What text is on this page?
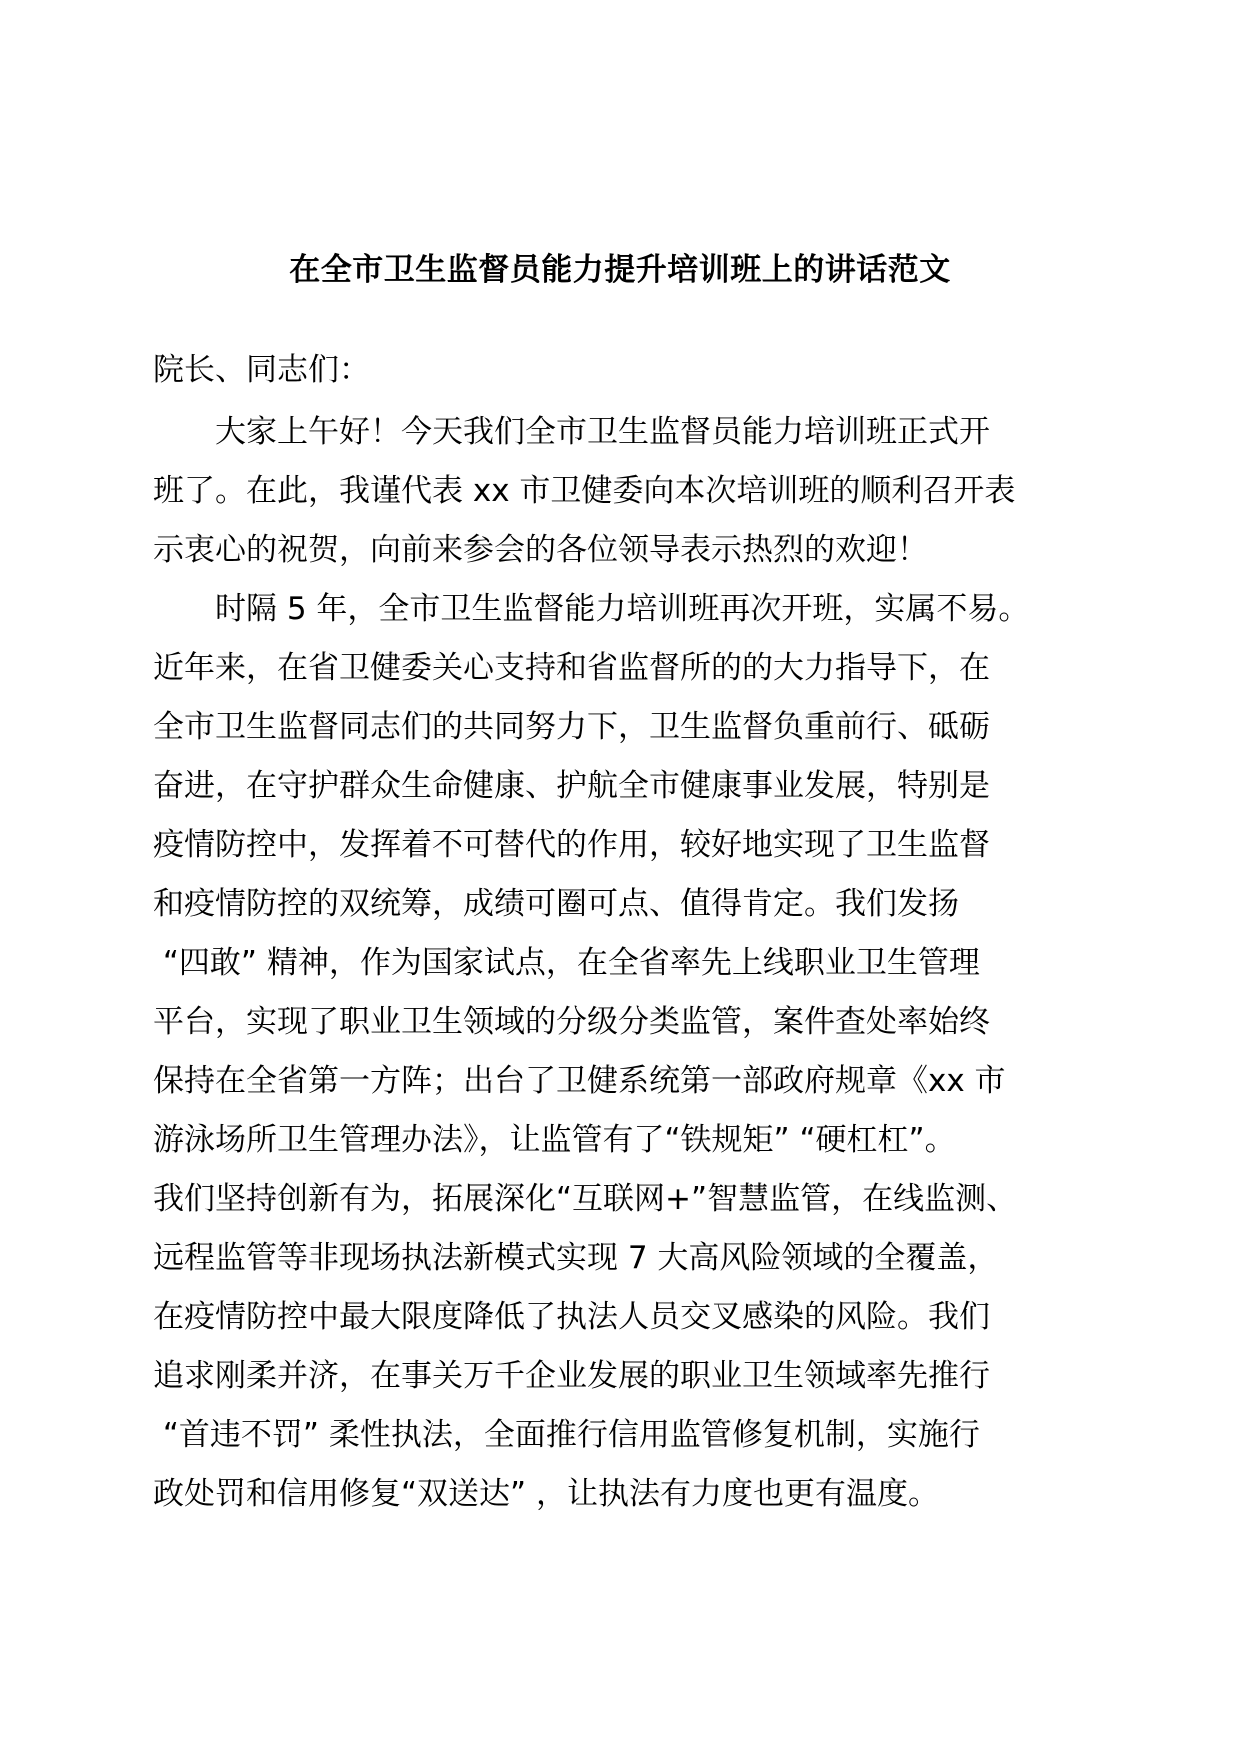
在全市卫生监督员能力提升培训班上的讲话范文

院长、同志们：

　　大家上午好！今天我们全市卫生监督员能力培训班正式开

班了。在此，我谨代表 xx 市卫健委向本次培训班的顺利召开表

示衷心的祝贺，向前来参会的各位领导表示热烈的欢迎！

　　时隔 5 年，全市卫生监督能力培训班再次开班，实属不易。

近年来，在省卫健委关心支持和省监督所的的大力指导下，在

全市卫生监督同志们的共同努力下，卫生监督负重前行、砥砺

奋进，在守护群众生命健康、护航全市健康事业发展，特别是

疫情防控中，发挥着不可替代的作用，较好地实现了卫生监督

和疫情防控的双统筹，成绩可圈可点、值得肯定。我们发扬

“四敢” 精神，作为国家试点，在全省率先上线职业卫生管理

平台，实现了职业卫生领域的分级分类监管，案件查处率始终

保持在全省第一方阵；出台了卫健系统第一部政府规章《xx 市

游泳场所卫生管理办法》，让监管有了“铁规矩” “硬杠杠”。

我们坚持创新有为，拓展深化“互联网+”智慧监管，在线监测、

远程监管等非现场执法新模式实现 7 大高风险领域的全覆盖，

在疫情防控中最大限度降低了执法人员交叉感染的风险。我们

追求刚柔并济，在事关万千企业发展的职业卫生领域率先推行

“首违不罚” 柔性执法，全面推行信用监管修复机制，实施行

政处罚和信用修复“双送达” ，让执法有力度也更有温度。
